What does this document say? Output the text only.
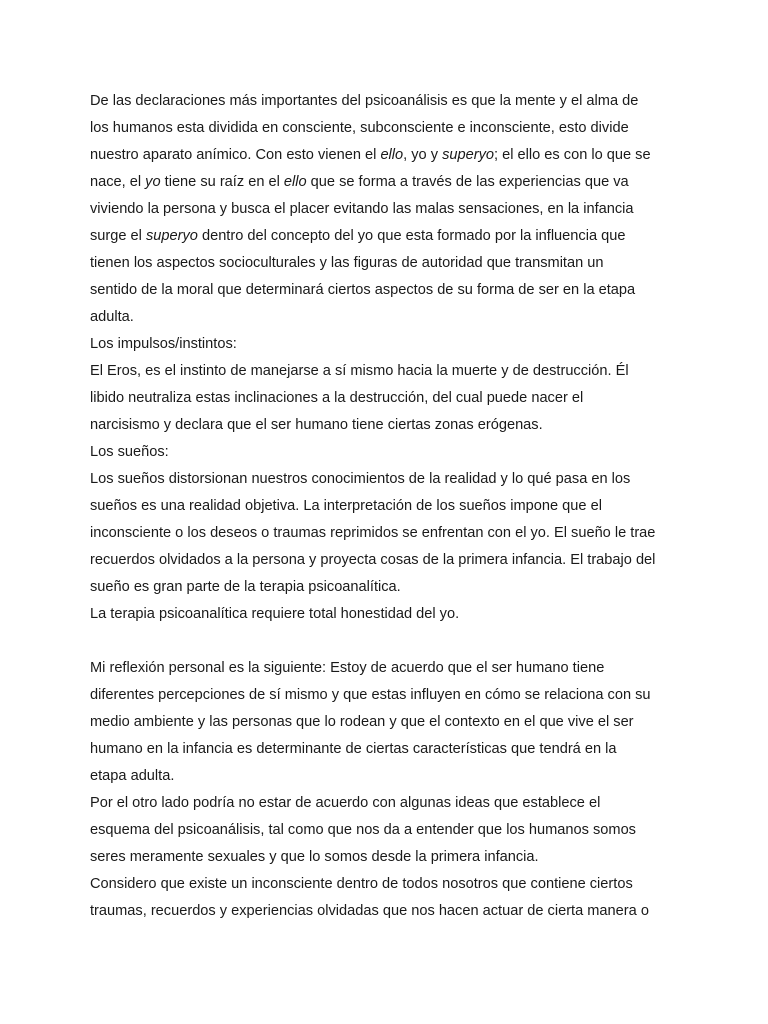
De las declaraciones más importantes del psicoanálisis es que la mente y el alma de
los humanos esta dividida en consciente, subconsciente e inconsciente, esto divide
nuestro aparato anímico. Con esto vienen el ello, yo y superyo; el ello es con lo que se
nace, el yo tiene su raíz en el ello que se forma a través de las experiencias que va
viviendo la persona y busca el placer evitando las malas sensaciones, en la infancia
surge el superyo dentro del concepto del yo que esta formado por la influencia que
tienen los aspectos socioculturales y las figuras de autoridad que transmitan un
sentido de la moral que determinará ciertos aspectos de su forma de ser en la etapa
adulta.
Los impulsos/instintos:
El Eros, es el instinto de manejarse a sí mismo hacia la muerte y de destrucción. Él
libido neutraliza estas inclinaciones a la destrucción, del cual puede nacer el
narcisismo y declara que el ser humano tiene ciertas zonas erógenas.
Los sueños:
Los sueños distorsionan nuestros conocimientos de la realidad y lo qué pasa en los
sueños es una realidad objetiva. La interpretación de los sueños impone que el
inconsciente o los deseos o traumas reprimidos se enfrentan con el yo. El sueño le trae
recuerdos olvidados a la persona y proyecta cosas de la primera infancia. El trabajo del
sueño es gran parte de la terapia psicoanalítica.
La terapia psicoanalítica requiere total honestidad del yo.
Mi reflexión personal es la siguiente: Estoy de acuerdo que el ser humano tiene
diferentes percepciones de sí mismo y que estas influyen en cómo se relaciona con su
medio ambiente y las personas que lo rodean y que el contexto en el que vive el ser
humano en la infancia es determinante de ciertas características que tendrá en la
etapa adulta.
Por el otro lado podría no estar de acuerdo con algunas ideas que establece el
esquema del psicoanálisis, tal como que nos da a entender que los humanos somos
seres meramente sexuales y que lo somos desde la primera infancia.
Considero que existe un inconsciente dentro de todos nosotros que contiene ciertos
traumas, recuerdos y experiencias olvidadas que nos hacen actuar de cierta manera o
